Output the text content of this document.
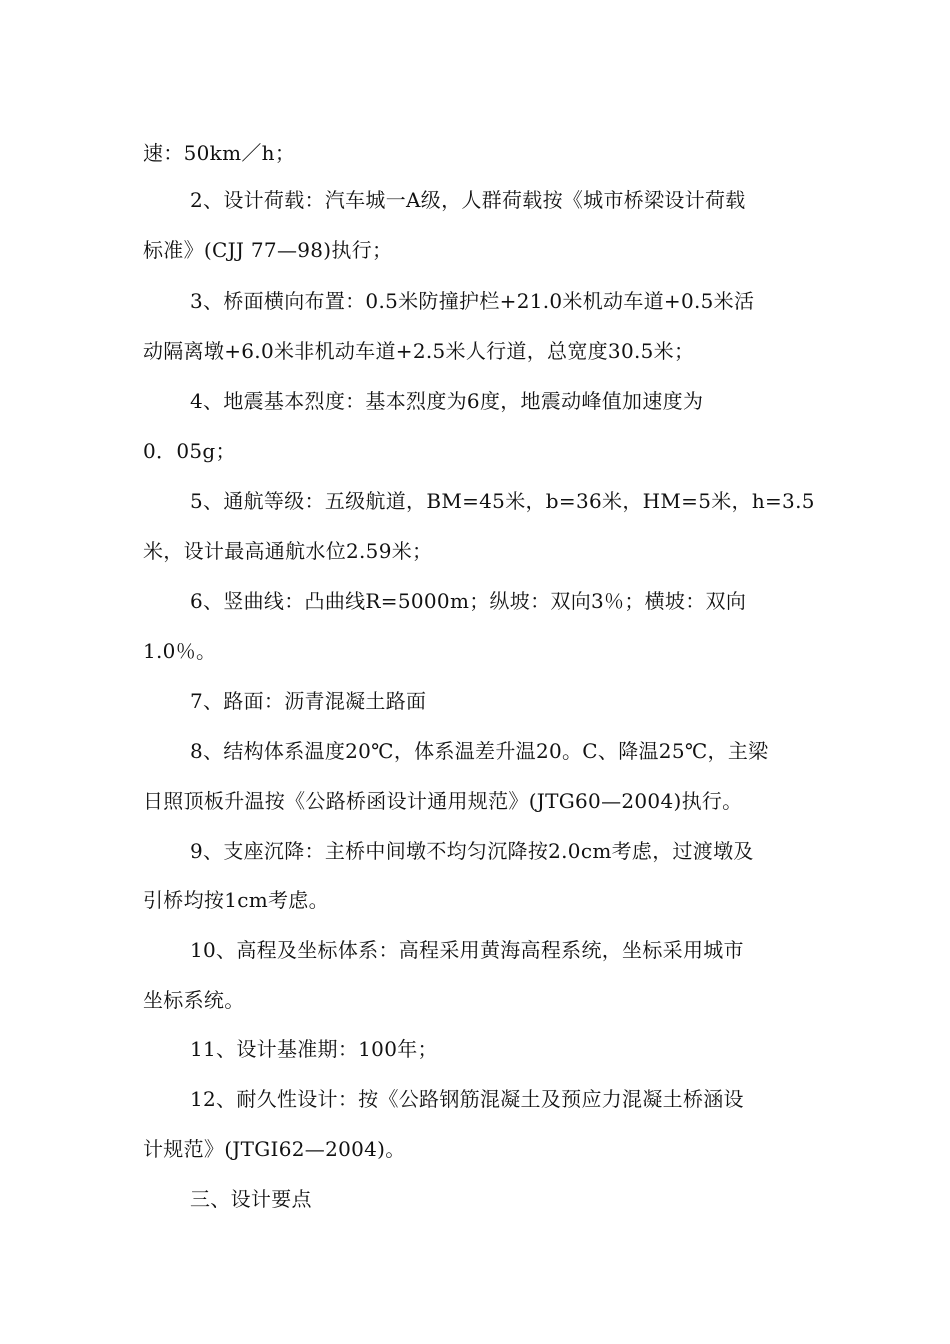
速：50km／h；
2、设计荷载：汽车城一A级，人群荷载按《城市桥梁设计荷载
标准》(CJJ 77—98)执行；
3、桥面横向布置：0.5米防撞护栏+21.0米机动车道+0.5米活
动隔离墩+6.0米非机动车道+2.5米人行道，总宽度30.5米；
4、地震基本烈度：基本烈度为6度，地震动峰值加速度为
0．05g；
5、通航等级：五级航道，BM=45米，b=36米，HM=5米，h=3.5
米，设计最高通航水位2.59米；
6、竖曲线：凸曲线R=5000m；纵坡：双向3％；横坡：双向
1.0％。
7、路面：沥青混凝土路面
8、结构体系温度20℃，体系温差升温20。C、降温25℃，主梁
日照顶板升温按《公路桥函设计通用规范》(JTG60—2004)执行。
9、支座沉降：主桥中间墩不均匀沉降按2.0cm考虑，过渡墩及
引桥均按1cm考虑。
10、高程及坐标体系：高程采用黄海高程系统，坐标采用城市
坐标系统。
11、设计基准期：100年；
12、耐久性设计：按《公路钢筋混凝土及预应力混凝土桥涵设
计规范》(JTGI62—2004)。
三、设计要点
